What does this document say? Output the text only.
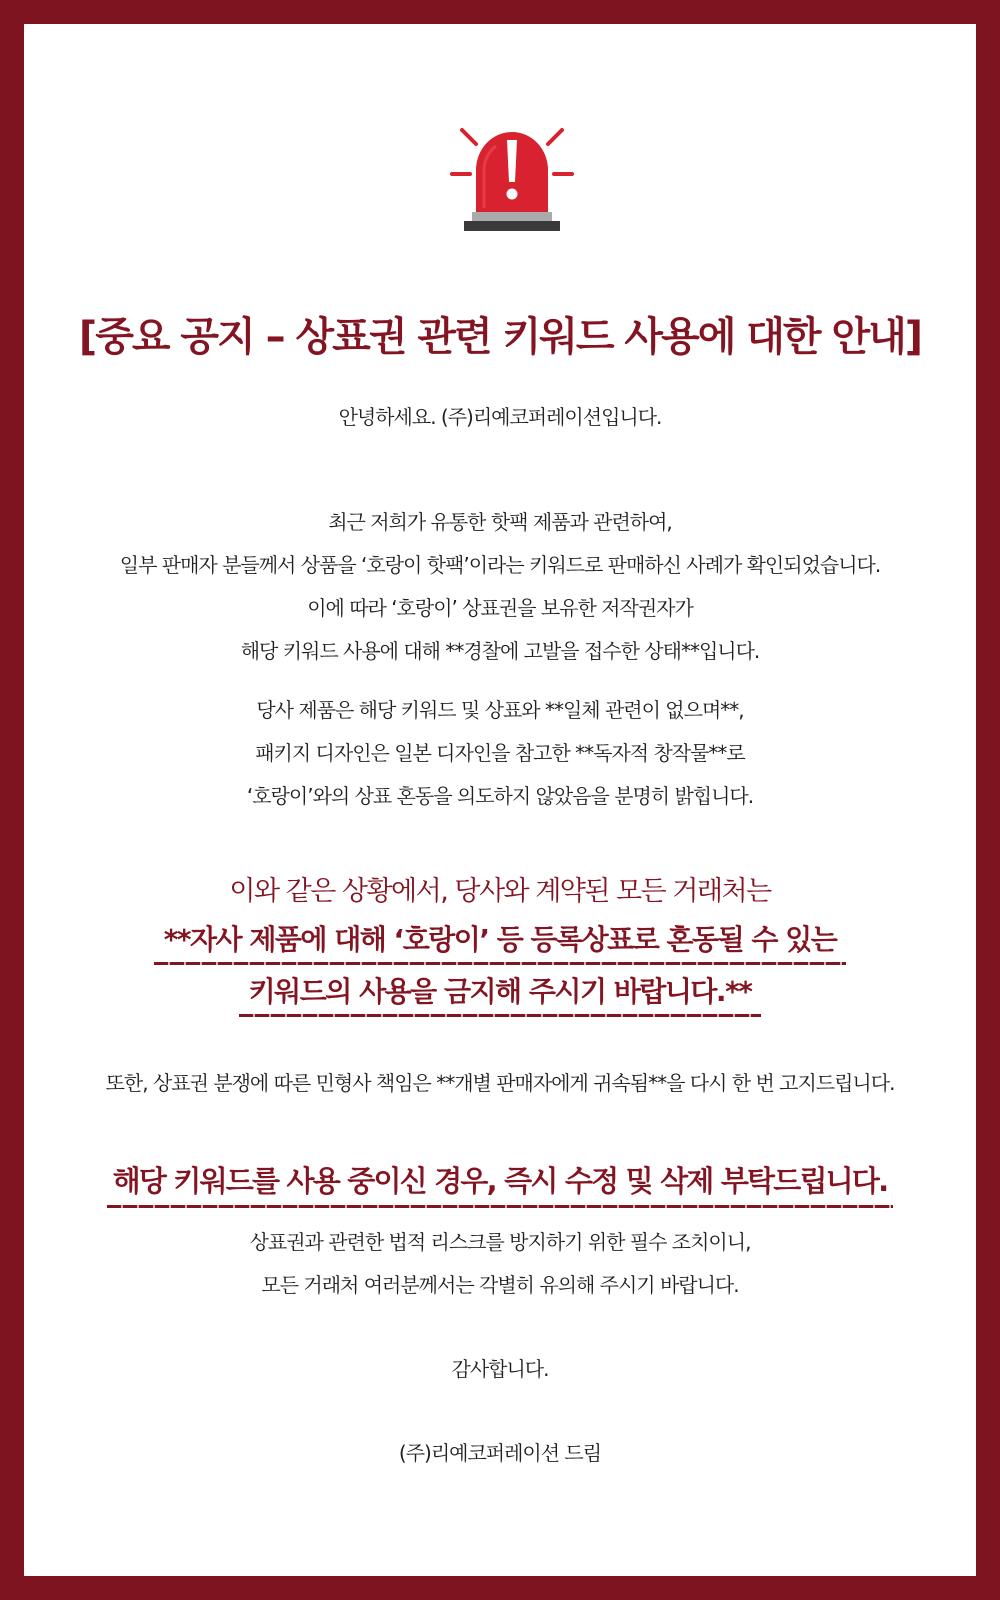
[중요 공지 – 상표권 관련 키워드 사용에 대한 안내]
안녕하세요. (주)리예코퍼레이션입니다.
최근 저희가 유통한 핫팩 제품과 관련하여,
일부 판매자 분들께서 상품을 ‘호랑이 핫팩’이라는 키워드로 판매하신 사례가 확인되었습니다.
이에 따라 ‘호랑이’ 상표권을 보유한 저작권자가
해당 키워드 사용에 대해 **경찰에 고발을 접수한 상태**입니다.
당사 제품은 해당 키워드 및 상표와 **일체 관련이 없으며**,
패키지 디자인은 일본 디자인을 참고한 **독자적 창작물**로
‘호랑이’와의 상표 혼동을 의도하지 않았음을 분명히 밝힙니다.
이와 같은 상황에서, 당사와 계약된 모든 거래처는
**자사 제품에 대해 ‘호랑이’ 등 등록상표로 혼동될 수 있는
키워드의 사용을 금지해 주시기 바랍니다.**
또한, 상표권 분쟁에 따른 민형사 책임은 **개별 판매자에게 귀속됨**을 다시 한 번 고지드립니다.
해당 키워드를 사용 중이신 경우, 즉시 수정 및 삭제 부탁드립니다.
상표권과 관련한 법적 리스크를 방지하기 위한 필수 조치이니,
모든 거래처 여러분께서는 각별히 유의해 주시기 바랍니다.
감사합니다.
(주)리예코퍼레이션 드림
